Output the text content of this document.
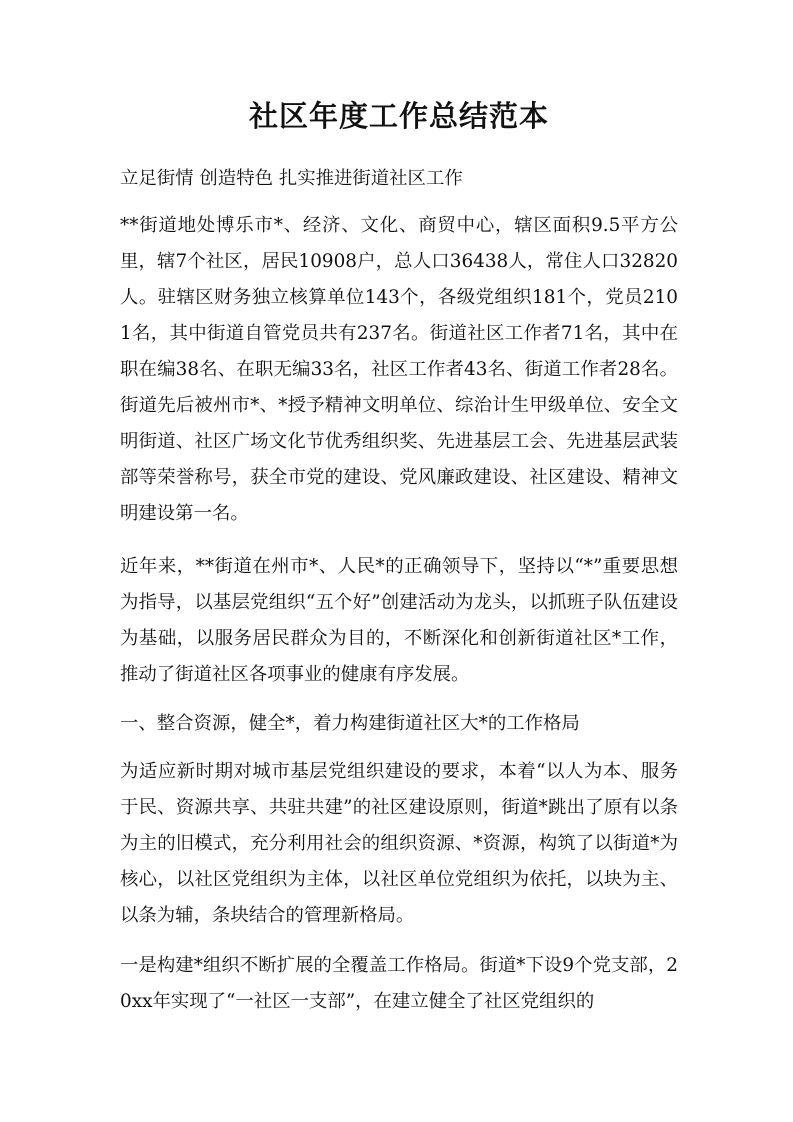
社区年度工作总结范本

立足街情 创造特色 扎实推进街道社区工作

**街道地处博乐市*、经济、文化、商贸中心，辖区面积9.5平方公里，辖7个社区，居民10908户，总人口36438人，常住人口32820人。驻辖区财务独立核算单位143个，各级党组织181个，党员2101名，其中街道自管党员共有237名。街道社区工作者71名，其中在职在编38名、在职无编33名，社区工作者43名、街道工作者28名。街道先后被州市*、*授予精神文明单位、综治计生甲级单位、安全文明街道、社区广场文化节优秀组织奖、先进基层工会、先进基层武装部等荣誉称号，获全市党的建设、党风廉政建设、社区建设、精神文明建设第一名。

近年来，**街道在州市*、人民*的正确领导下，坚持以“*”重要思想为指导，以基层党组织“五个好”创建活动为龙头，以抓班子队伍建设为基础，以服务居民群众为目的，不断深化和创新街道社区*工作，推动了街道社区各项事业的健康有序发展。

一、整合资源，健全*，着力构建街道社区大*的工作格局

为适应新时期对城市基层党组织建设的要求，本着“以人为本、服务于民、资源共享、共驻共建”的社区建设原则，街道*跳出了原有以条为主的旧模式，充分利用社会的组织资源、*资源，构筑了以街道*为核心，以社区党组织为主体，以社区单位党组织为依托，以块为主、以条为辅，条块结合的管理新格局。

一是构建*组织不断扩展的全覆盖工作格局。街道*下设9个党支部，20xx年实现了“一社区一支部”，在建立健全了社区党组织的
